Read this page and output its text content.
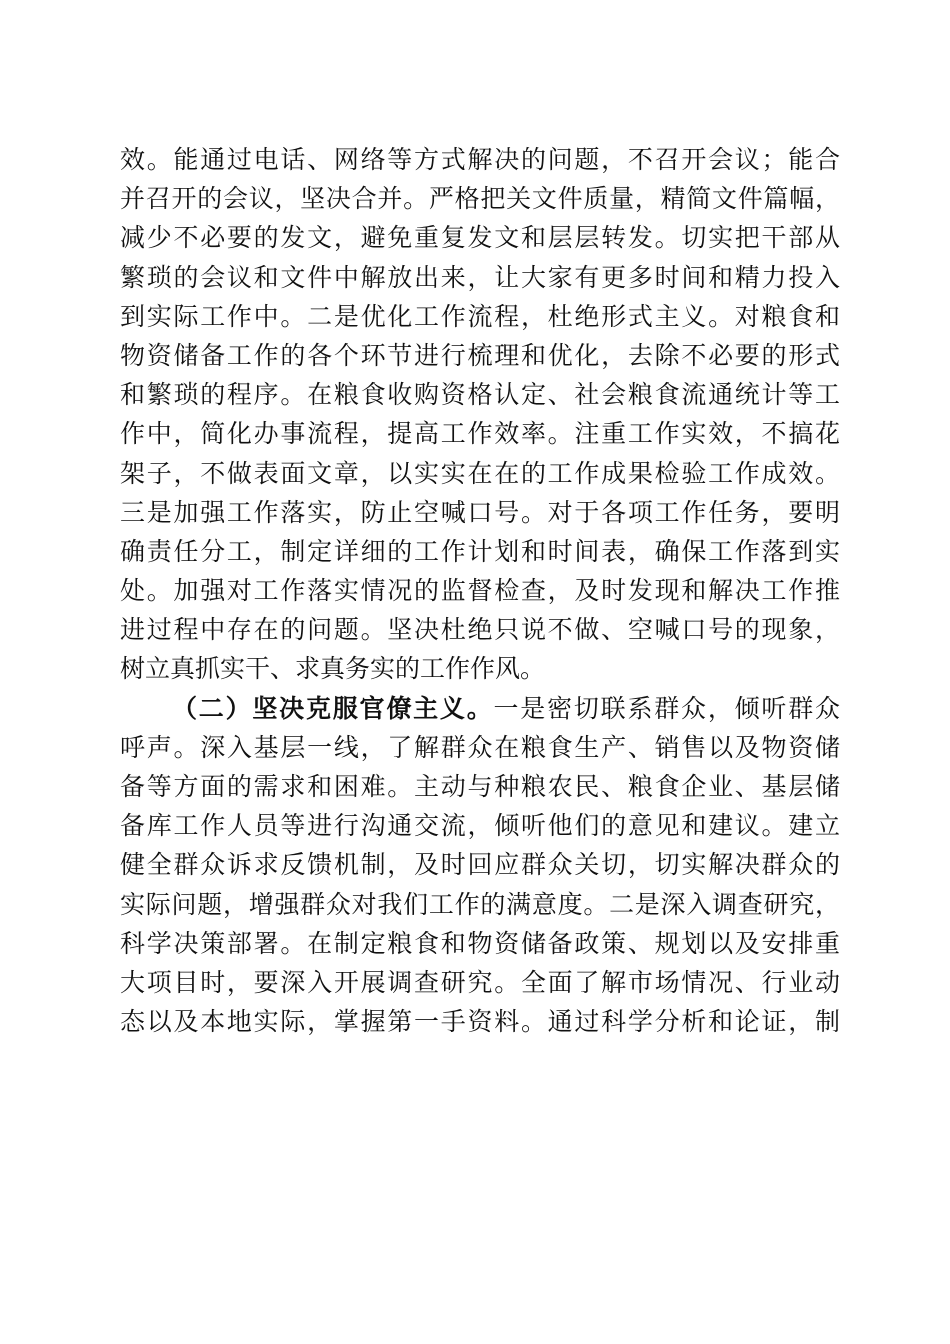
效。能通过电话、网络等方式解决的问题，不召开会议；能合
并召开的会议，坚决合并。严格把关文件质量，精简文件篇幅，
减少不必要的发文，避免重复发文和层层转发。切实把干部从
繁琐的会议和文件中解放出来，让大家有更多时间和精力投入
到实际工作中。二是优化工作流程，杜绝形式主义。对粮食和
物资储备工作的各个环节进行梳理和优化，去除不必要的形式
和繁琐的程序。在粮食收购资格认定、社会粮食流通统计等工
作中，简化办事流程，提高工作效率。注重工作实效，不搞花
架子，不做表面文章，以实实在在的工作成果检验工作成效。
三是加强工作落实，防止空喊口号。对于各项工作任务，要明
确责任分工，制定详细的工作计划和时间表，确保工作落到实
处。加强对工作落实情况的监督检查，及时发现和解决工作推
进过程中存在的问题。坚决杜绝只说不做、空喊口号的现象，
树立真抓实干、求真务实的工作作风。
（二）坚决克服官僚主义。一是密切联系群众，倾听群众
呼声。深入基层一线，了解群众在粮食生产、销售以及物资储
备等方面的需求和困难。主动与种粮农民、粮食企业、基层储
备库工作人员等进行沟通交流，倾听他们的意见和建议。建立
健全群众诉求反馈机制，及时回应群众关切，切实解决群众的
实际问题，增强群众对我们工作的满意度。二是深入调查研究，
科学决策部署。在制定粮食和物资储备政策、规划以及安排重
大项目时，要深入开展调查研究。全面了解市场情况、行业动
态以及本地实际，掌握第一手资料。通过科学分析和论证，制
